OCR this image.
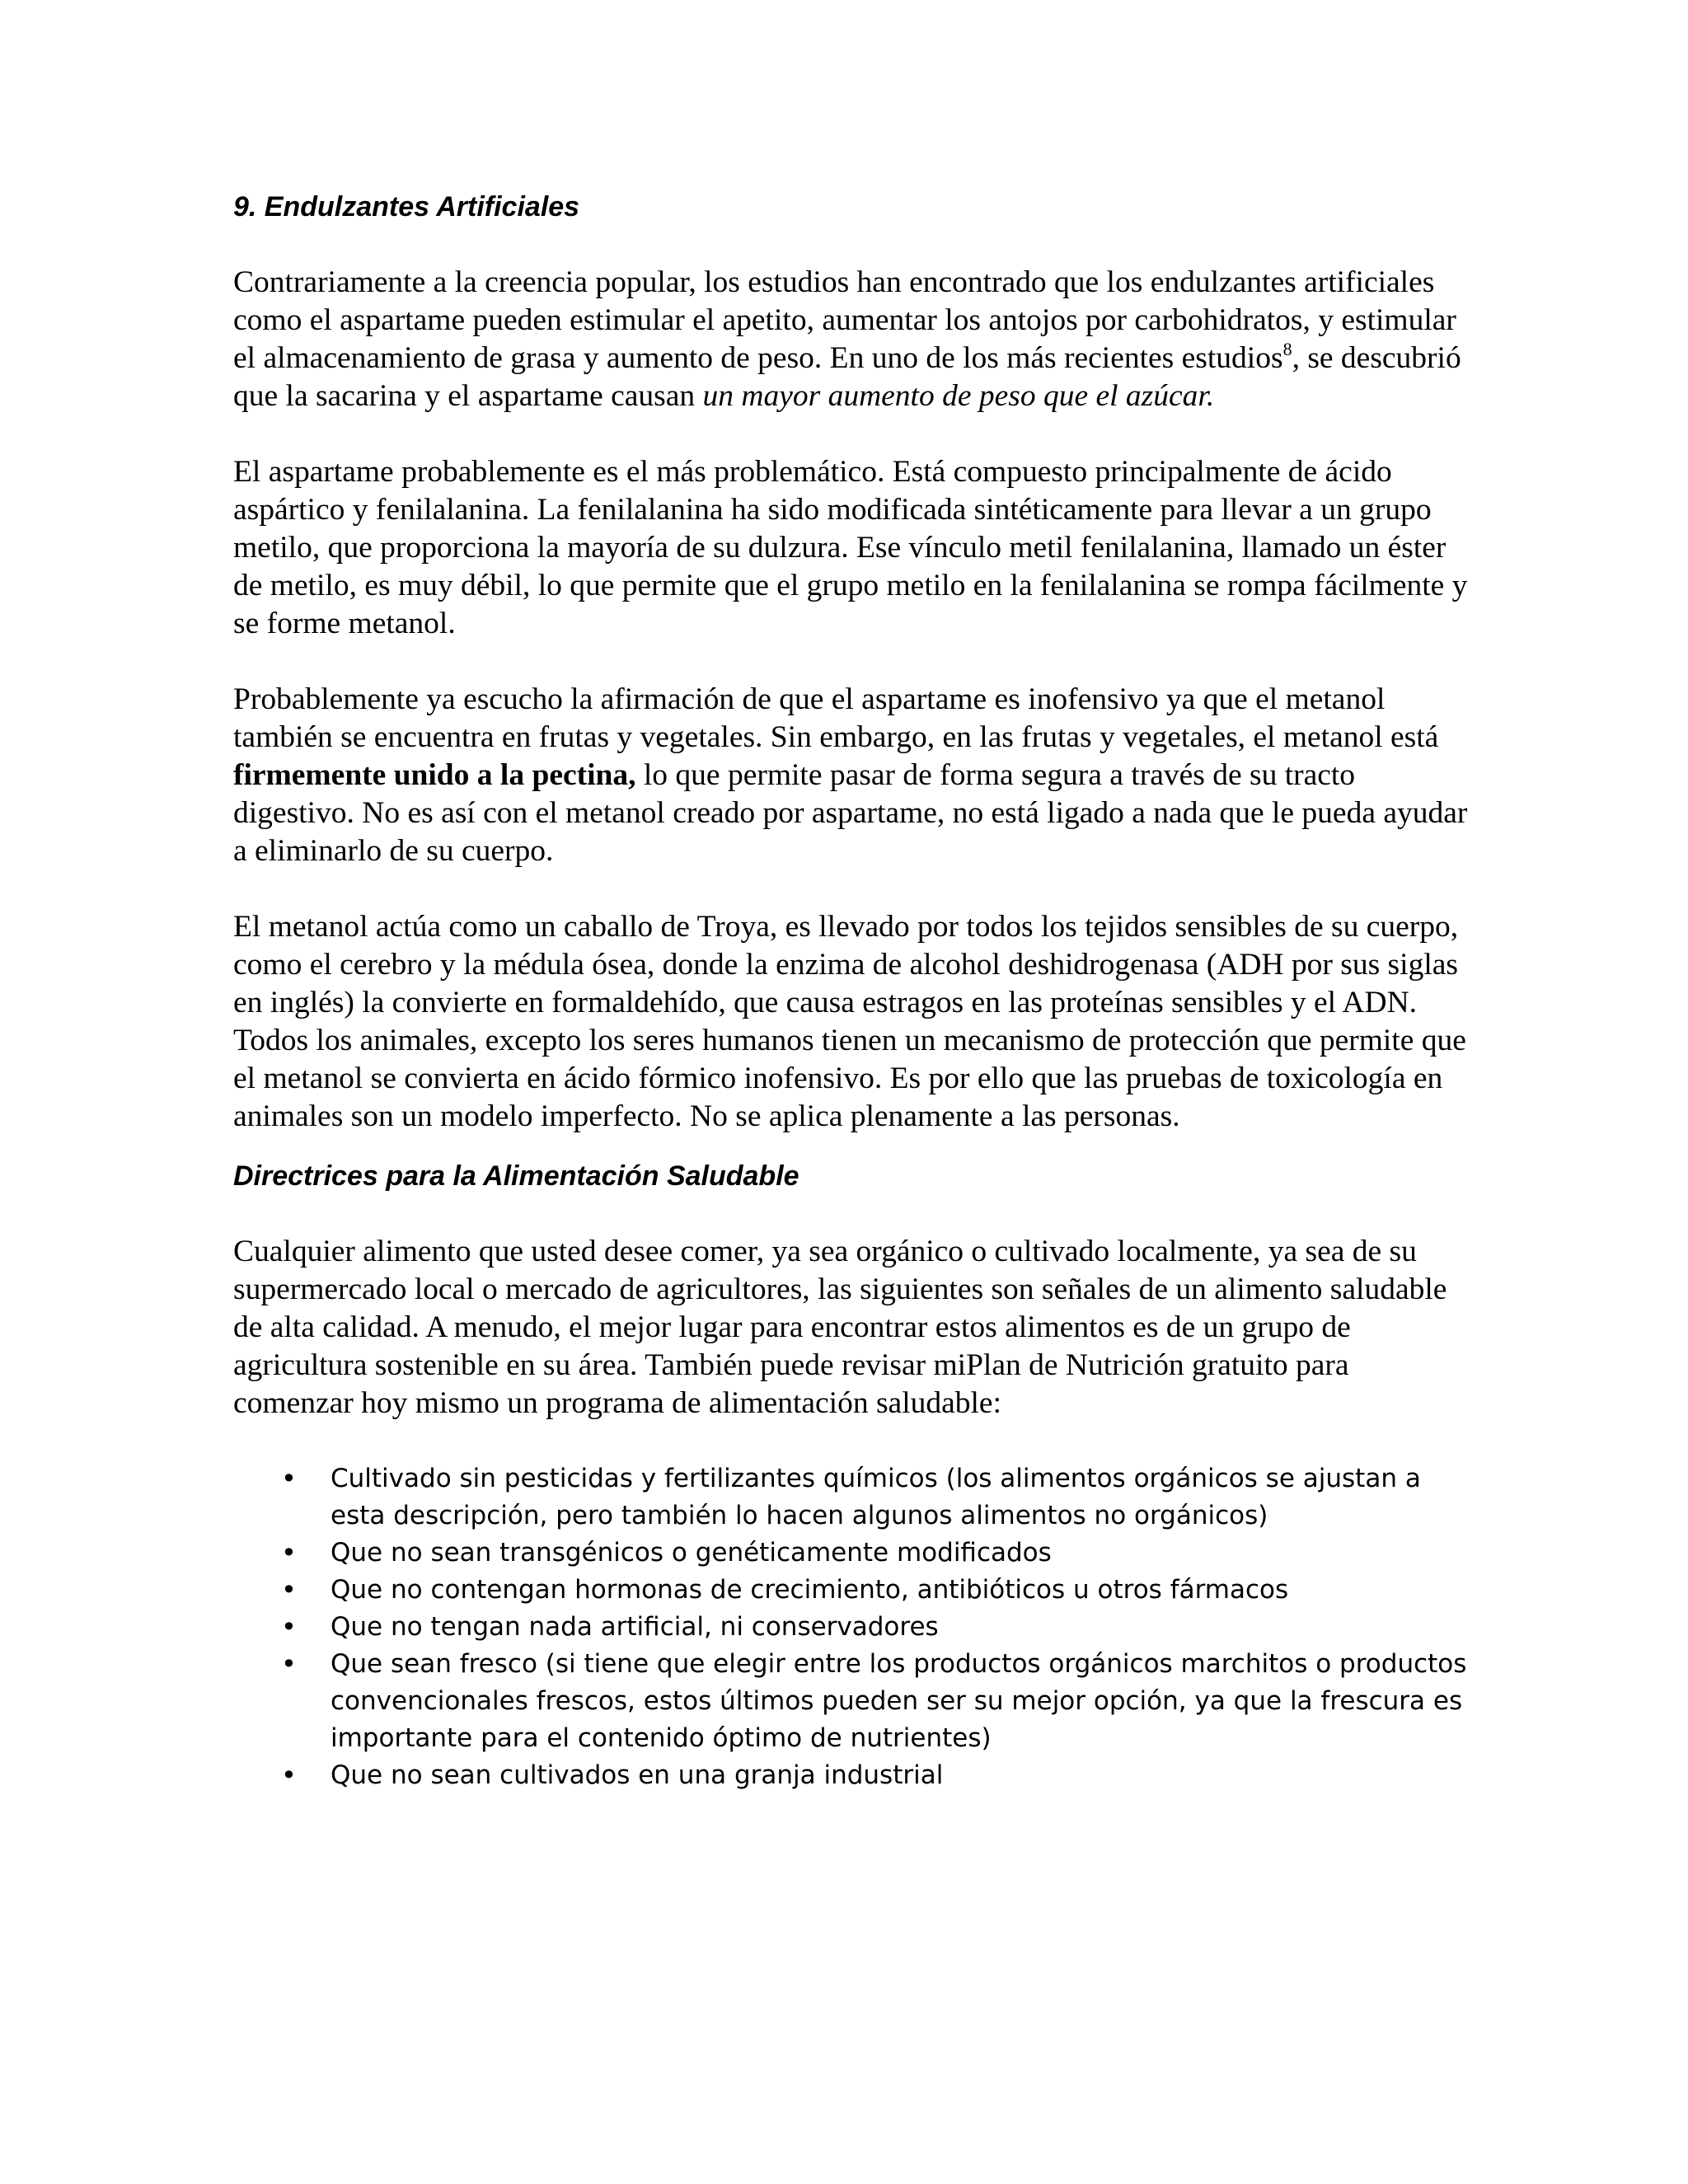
9. Endulzantes Artificiales

Contrariamente a la creencia popular, los estudios han encontrado que los endulzantes artificiales como el aspartame pueden estimular el apetito, aumentar los antojos por carbohidratos, y estimular el almacenamiento de grasa y aumento de peso. En uno de los más recientes estudios$^8$, se descubrió que la sacarina y el aspartame causan un mayor aumento de peso que el azúcar.

El aspartame probablemente es el más problemático. Está compuesto principalmente de ácido aspártico y fenilalanina. La fenilalanina ha sido modificada sintéticamente para llevar a un grupo metilo, que proporciona la mayoría de su dulzura. Ese vínculo metil fenilalanina, llamado un éster de metilo, es muy débil, lo que permite que el grupo metilo en la fenilalanina se rompa fácilmente y se forme metanol.

Probablemente ya escucho la afirmación de que el aspartame es inofensivo ya que el metanol también se encuentra en frutas y vegetales. Sin embargo, en las frutas y vegetales, el metanol está firmemente unido a la pectina, lo que permite pasar de forma segura a través de su tracto digestivo. No es así con el metanol creado por aspartame, no está ligado a nada que le pueda ayudar a eliminarlo de su cuerpo.

El metanol actúa como un caballo de Troya, es llevado por todos los tejidos sensibles de su cuerpo, como el cerebro y la médula ósea, donde la enzima de alcohol deshidrogenasa (ADH por sus siglas en inglés) la convierte en formaldehído, que causa estragos en las proteínas sensibles y el ADN. Todos los animales, excepto los seres humanos tienen un mecanismo de protección que permite que el metanol se convierta en ácido fórmico inofensivo. Es por ello que las pruebas de toxicología en animales son un modelo imperfecto. No se aplica plenamente a las personas.

Directrices para la Alimentación Saludable

Cualquier alimento que usted desee comer, ya sea orgánico o cultivado localmente, ya sea de su supermercado local o mercado de agricultores, las siguientes son señales de un alimento saludable de alta calidad. A menudo, el mejor lugar para encontrar estos alimentos es de un grupo de agricultura sostenible en su área. También puede revisar miPlan de Nutrición gratuito para comenzar hoy mismo un programa de alimentación saludable:

• Cultivado sin pesticidas y fertilizantes químicos (los alimentos orgánicos se ajustan a esta descripción, pero también lo hacen algunos alimentos no orgánicos)
• Que no sean transgénicos o genéticamente modificados
• Que no contengan hormonas de crecimiento, antibióticos u otros fármacos
• Que no tengan nada artificial, ni conservadores
• Que sean fresco (si tiene que elegir entre los productos orgánicos marchitos o productos convencionales frescos, estos últimos pueden ser su mejor opción, ya que la frescura es importante para el contenido óptimo de nutrientes)
• Que no sean cultivados en una granja industrial
